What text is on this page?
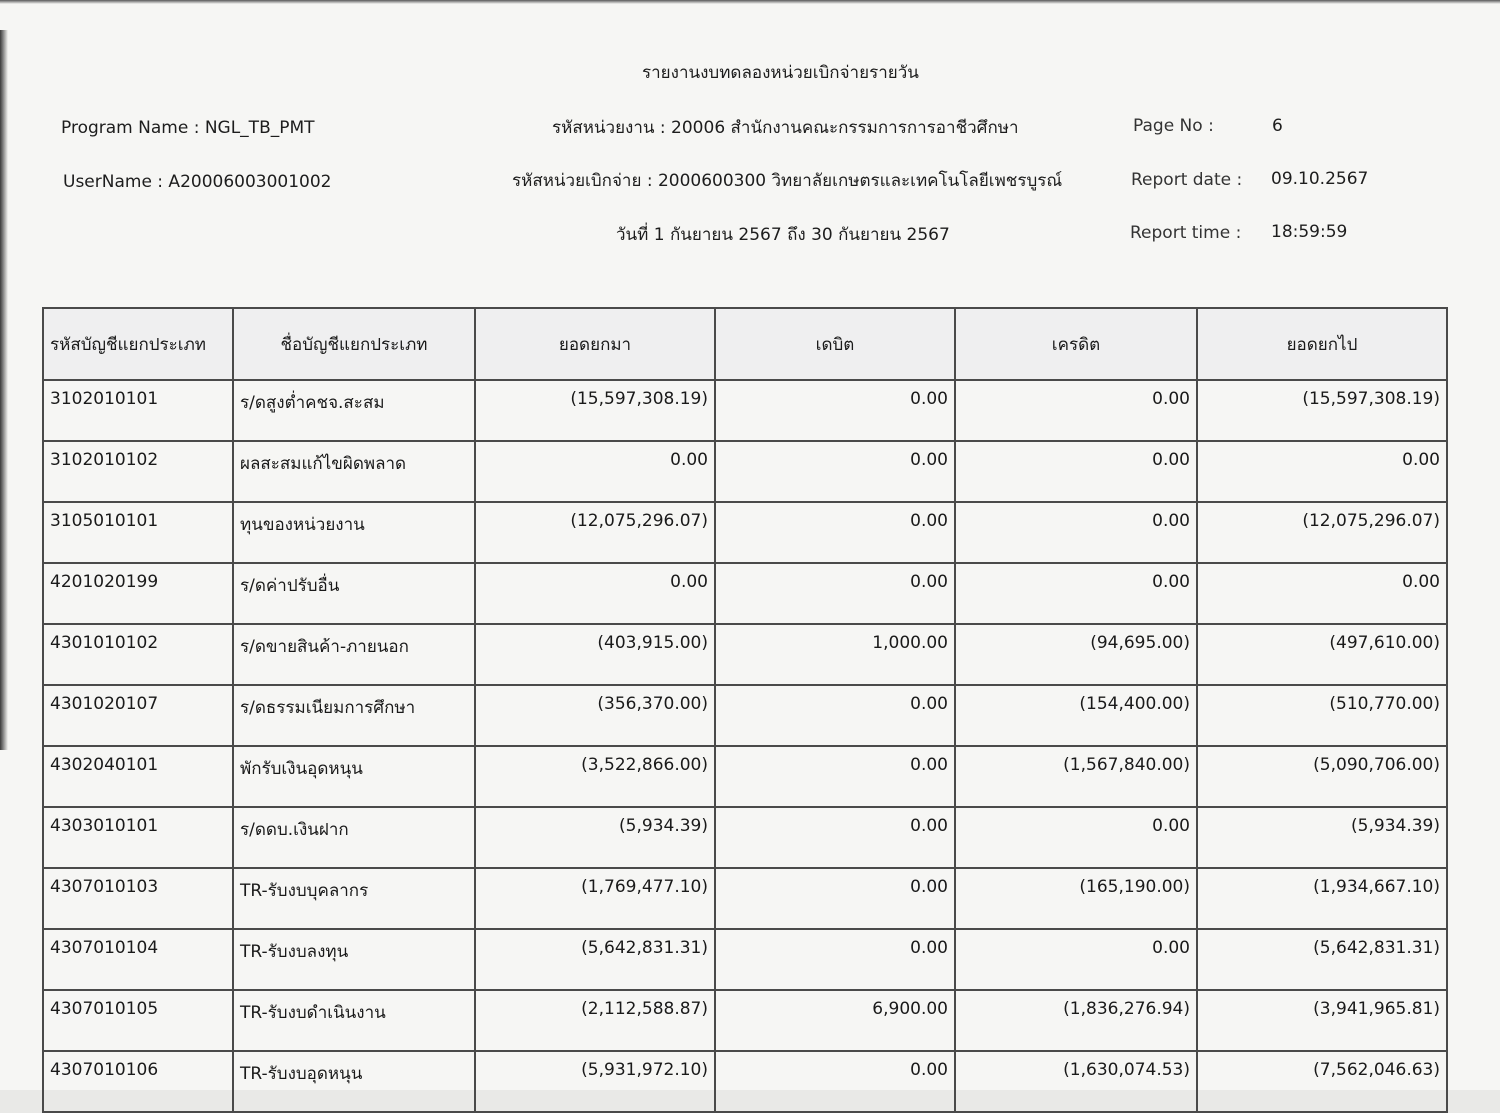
รายงานงบทดลองหน่วยเบิกจ่ายรายวัน
Program Name : NGL_TB_PMT	รหัสหน่วยงาน : 20006 สำนักงานคณะกรรมการการอาชีวศึกษา	Page No :	6
UserName : A20006003001002	รหัสหน่วยเบิกจ่าย : 2000600300 วิทยาลัยเกษตรและเทคโนโลยีเพชรบูรณ์	Report date : 09.10.2567
วันที่ 1 กันยายน 2567 ถึง 30 กันยายน 2567	Report time : 18:59:59
รหัสบัญชีแยกประเภท	ชื่อบัญชีแยกประเภท	ยอดยกมา	เดบิต	เครดิต	ยอดยกไป
3102010101	ร/ดสูงต่ำคชจ.สะสม	(15,597,308.19)	0.00	0.00	(15,597,308.19)
3102010102	ผลสะสมแก้ไขผิดพลาด	0.00	0.00	0.00	0.00
3105010101	ทุนของหน่วยงาน	(12,075,296.07)	0.00	0.00	(12,075,296.07)
4201020199	ร/ดค่าปรับอื่น	0.00	0.00	0.00	0.00
4301010102	ร/ดขายสินค้า-ภายนอก	(403,915.00)	1,000.00	(94,695.00)	(497,610.00)
4301020107	ร/ดธรรมเนียมการศึกษา	(356,370.00)	0.00	(154,400.00)	(510,770.00)
4302040101	พักรับเงินอุดหนุน	(3,522,866.00)	0.00	(1,567,840.00)	(5,090,706.00)
4303010101	ร/ดดบ.เงินฝาก	(5,934.39)	0.00	0.00	(5,934.39)
4307010103	TR-รับงบบุคลากร	(1,769,477.10)	0.00	(165,190.00)	(1,934,667.10)
4307010104	TR-รับงบลงทุน	(5,642,831.31)	0.00	0.00	(5,642,831.31)
4307010105	TR-รับงบดำเนินงาน	(2,112,588.87)	6,900.00	(1,836,276.94)	(3,941,965.81)
4307010106	TR-รับงบอุดหนุน	(5,931,972.10)	0.00	(1,630,074.53)	(7,562,046.63)
